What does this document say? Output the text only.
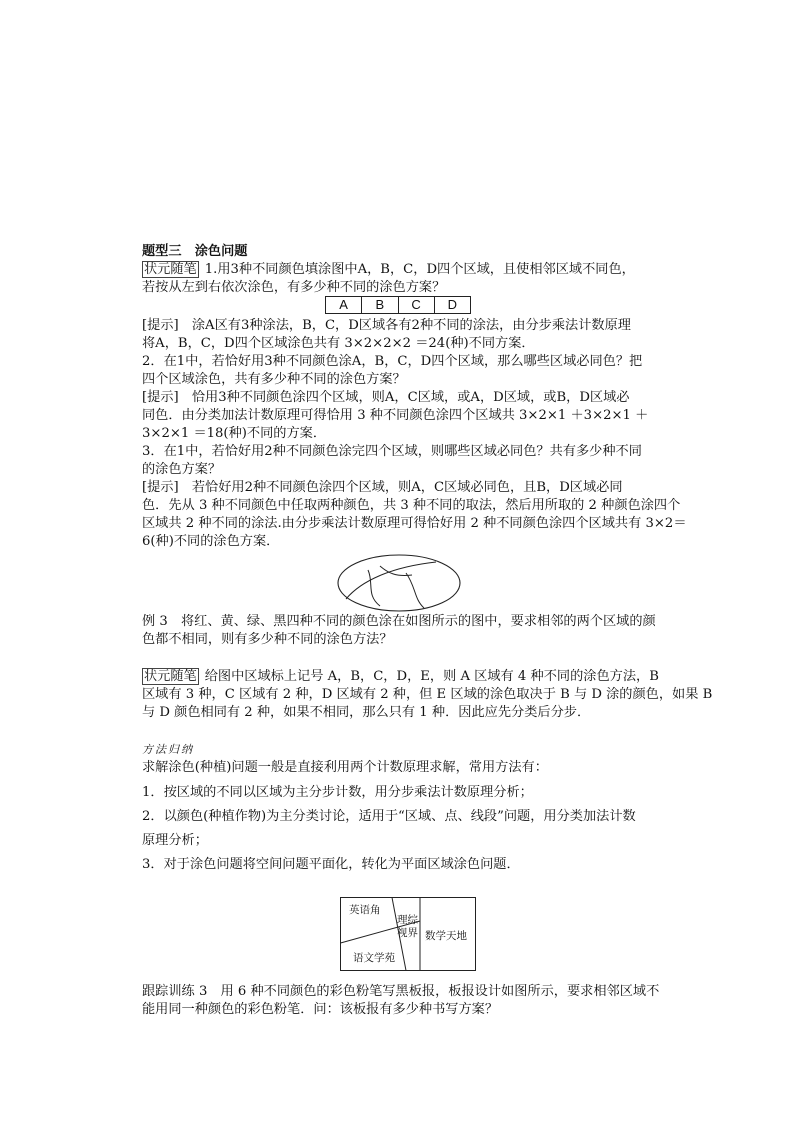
题型三　涂色问题
状元随笔 1.用3种不同颜色填涂图中A，B，C，D四个区域，且使相邻区域不同色，
若按从左到右依次涂色，有多少种不同的涂色方案？
A	B	C	D
[提示]　涂A区有3种涂法，B，C，D区域各有2种不同的涂法，由分步乘法计数原理
将A，B，C，D四个区域涂色共有 3×2×2×2 ＝24(种)不同方案．
2．在1中，若恰好用3种不同颜色涂A，B，C，D四个区域，那么哪些区域必同色？把
四个区域涂色，共有多少种不同的涂色方案？
[提示]　恰用3种不同颜色涂四个区域，则A，C区域，或A，D区域，或B，D区域必
同色．由分类加法计数原理可得恰用 3 种不同颜色涂四个区域共 3×2×1 ＋3×2×1 ＋
3×2×1 ＝18(种)不同的方案．
3．在1中，若恰好用2种不同颜色涂完四个区域，则哪些区域必同色？共有多少种不同
的涂色方案？
[提示]　若恰好用2种不同颜色涂四个区域，则A，C区域必同色，且B，D区域必同
色．先从 3 种不同颜色中任取两种颜色，共 3 种不同的取法，然后用所取的 2 种颜色涂四个
区域共 2 种不同的涂法.由分步乘法计数原理可得恰好用 2 种不同颜色涂四个区域共有 3×2＝
6(种)不同的涂色方案．
例 3　将红、黄、绿、黑四种不同的颜色涂在如图所示的图中，要求相邻的两个区域的颜
色都不相同，则有多少种不同的涂色方法？
状元随笔 给图中区域标上记号 A，B，C，D，E，则 A 区域有 4 种不同的涂色方法，B
区域有 3 种，C 区域有 2 种，D 区域有 2 种，但 E 区域的涂色取决于 B 与 D 涂的颜色，如果 B
与 D 颜色相同有 2 种，如果不相同，那么只有 1 种．因此应先分类后分步．
方法归纳
求解涂色(种植)问题一般是直接利用两个计数原理求解，常用方法有：
1．按区域的不同以区域为主分步计数，用分步乘法计数原理分析；
2．以颜色(种植作物)为主分类讨论，适用于“区域、点、线段”问题，用分类加法计数
原理分析；
3．对于涂色问题将空间问题平面化，转化为平面区域涂色问题．
英语角
理综
视界
语文学苑
数学天地
跟踪训练 3　用 6 种不同颜色的彩色粉笔写黑板报，板报设计如图所示，要求相邻区域不
能用同一种颜色的彩色粉笔．问：该板报有多少种书写方案？
